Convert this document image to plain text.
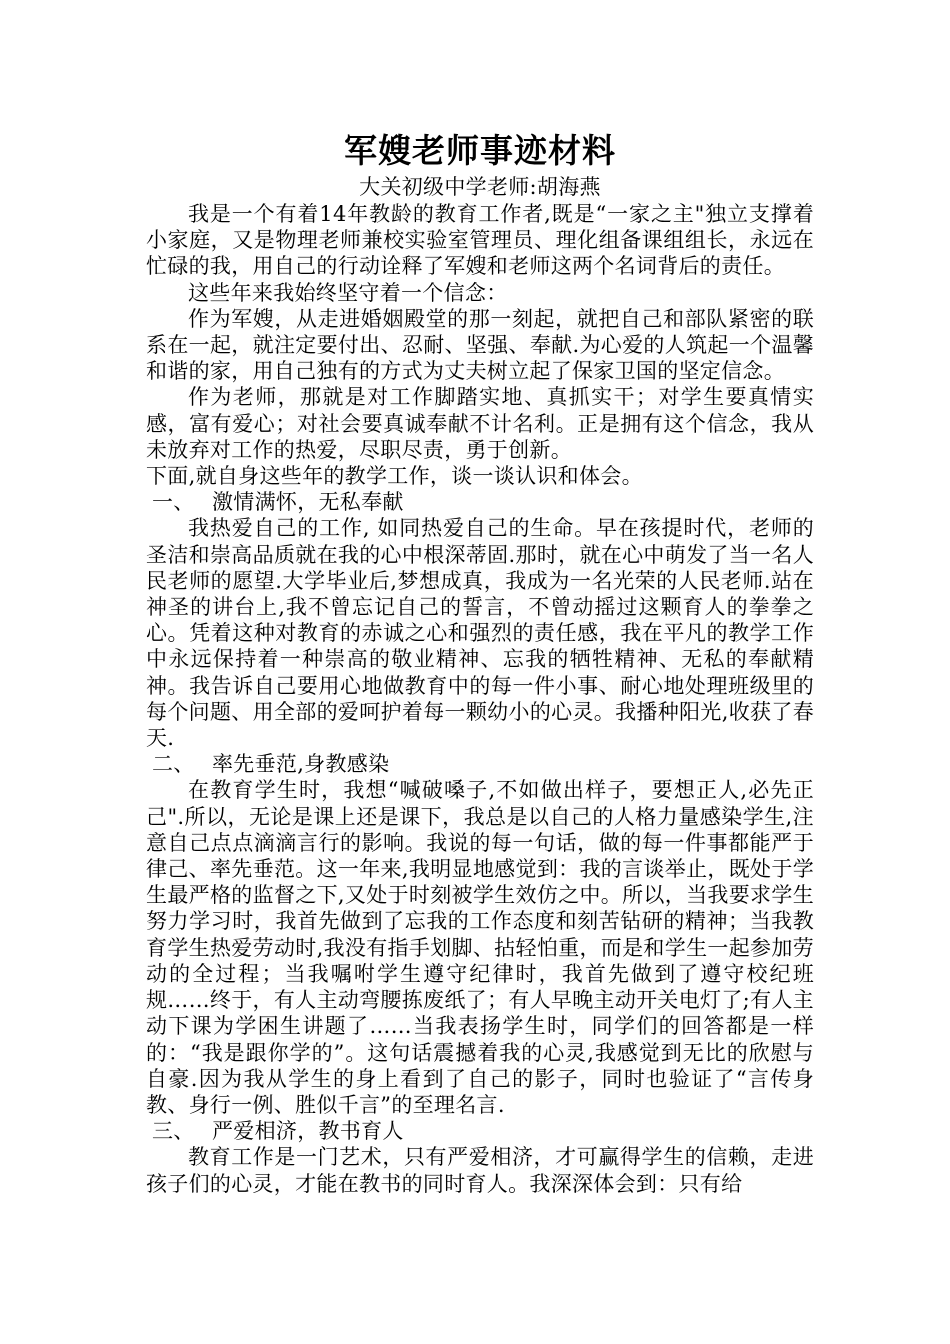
军嫂老师事迹材料

大关初级中学老师:胡海燕

我是一个有着14年教龄的教育工作者,既是“一家之主"独立支撑着小家庭，又是物理老师兼校实验室管理员、理化组备课组组长，永远在忙碌的我，用自己的行动诠释了军嫂和老师这两个名词背后的责任。

这些年来我始终坚守着一个信念：

作为军嫂，从走进婚姻殿堂的那一刻起，就把自己和部队紧密的联系在一起，就注定要付出、忍耐、坚强、奉献.为心爱的人筑起一个温馨和谐的家，用自己独有的方式为丈夫树立起了保家卫国的坚定信念。

作为老师，那就是对工作脚踏实地、真抓实干；对学生要真情实感，富有爱心；对社会要真诚奉献不计名利。正是拥有这个信念，我从未放弃对工作的热爱，尽职尽责，勇于创新。

下面,就自身这些年的教学工作，谈一谈认识和体会。

一、 激情满怀，无私奉献

我热爱自己的工作, 如同热爱自己的生命。早在孩提时代，老师的圣洁和崇高品质就在我的心中根深蒂固.那时，就在心中萌发了当一名人民老师的愿望.大学毕业后,梦想成真，我成为一名光荣的人民老师.站在神圣的讲台上,我不曾忘记自己的誓言，不曾动摇过这颗育人的拳拳之心。凭着这种对教育的赤诚之心和强烈的责任感，我在平凡的教学工作中永远保持着一种崇高的敬业精神、忘我的牺牲精神、无私的奉献精神。我告诉自己要用心地做教育中的每一件小事、耐心地处理班级里的每个问题、用全部的爱呵护着每一颗幼小的心灵。我播种阳光,收获了春天.

二、 率先垂范,身教感染

在教育学生时，我想“喊破嗓子,不如做出样子，要想正人,必先正己".所以，无论是课上还是课下，我总是以自己的人格力量感染学生,注意自己点点滴滴言行的影响。我说的每一句话，做的每一件事都能严于律己、率先垂范。这一年来,我明显地感觉到：我的言谈举止，既处于学生最严格的监督之下,又处于时刻被学生效仿之中。所以，当我要求学生努力学习时，我首先做到了忘我的工作态度和刻苦钻研的精神；当我教育学生热爱劳动时,我没有指手划脚、拈轻怕重，而是和学生一起参加劳动的全过程；当我嘱咐学生遵守纪律时，我首先做到了遵守校纪班规……终于，有人主动弯腰拣废纸了；有人早晚主动开关电灯了;有人主动下课为学困生讲题了……当我表扬学生时，同学们的回答都是一样的：“我是跟你学的”。这句话震撼着我的心灵,我感觉到无比的欣慰与自豪.因为我从学生的身上看到了自己的影子，同时也验证了“言传身教、身行一例、胜似千言”的至理名言.

三、 严爱相济，教书育人

教育工作是一门艺术，只有严爱相济，才可赢得学生的信赖，走进孩子们的心灵，才能在教书的同时育人。我深深体会到：只有给
